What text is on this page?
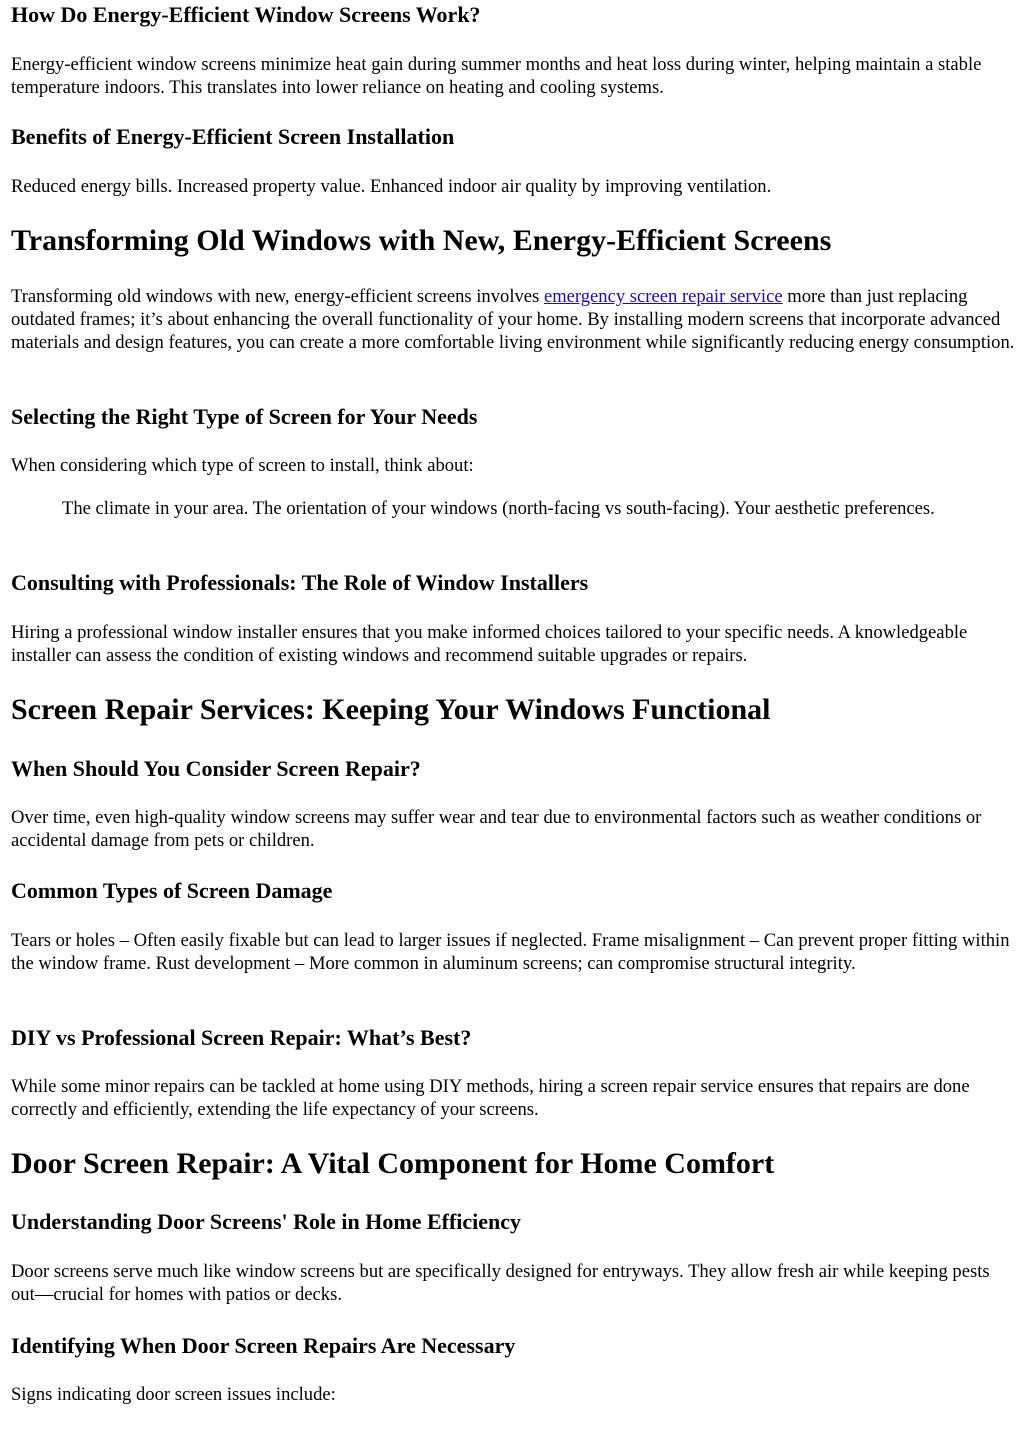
How Do Energy-Efficient Window Screens Work?

Energy-efficient window screens minimize heat gain during summer months and heat loss during winter, helping maintain a stable temperature indoors. This translates into lower reliance on heating and cooling systems.

Benefits of Energy-Efficient Screen Installation

Reduced energy bills. Increased property value. Enhanced indoor air quality by improving ventilation.

Transforming Old Windows with New, Energy-Efficient Screens

Transforming old windows with new, energy-efficient screens involves emergency screen repair service more than just replacing outdated frames; it’s about enhancing the overall functionality of your home. By installing modern screens that incorporate advanced materials and design features, you can create a more comfortable living environment while significantly reducing energy consumption.

Selecting the Right Type of Screen for Your Needs

When considering which type of screen to install, think about:

The climate in your area. The orientation of your windows (north-facing vs south-facing). Your aesthetic preferences.
Consulting with Professionals: The Role of Window Installers

Hiring a professional window installer ensures that you make informed choices tailored to your specific needs. A knowledgeable installer can assess the condition of existing windows and recommend suitable upgrades or repairs.

Screen Repair Services: Keeping Your Windows Functional
When Should You Consider Screen Repair?

Over time, even high-quality window screens may suffer wear and tear due to environmental factors such as weather conditions or accidental damage from pets or children.

Common Types of Screen Damage

Tears or holes – Often easily fixable but can lead to larger issues if neglected. Frame misalignment – Can prevent proper fitting within the window frame. Rust development – More common in aluminum screens; can compromise structural integrity.

DIY vs Professional Screen Repair: What’s Best?

While some minor repairs can be tackled at home using DIY methods, hiring a screen repair service ensures that repairs are done correctly and efficiently, extending the life expectancy of your screens.

Door Screen Repair: A Vital Component for Home Comfort
Understanding Door Screens' Role in Home Efficiency

Door screens serve much like window screens but are specifically designed for entryways. They allow fresh air while keeping pests out—crucial for homes with patios or decks.

Identifying When Door Screen Repairs Are Necessary

Signs indicating door screen issues include:
